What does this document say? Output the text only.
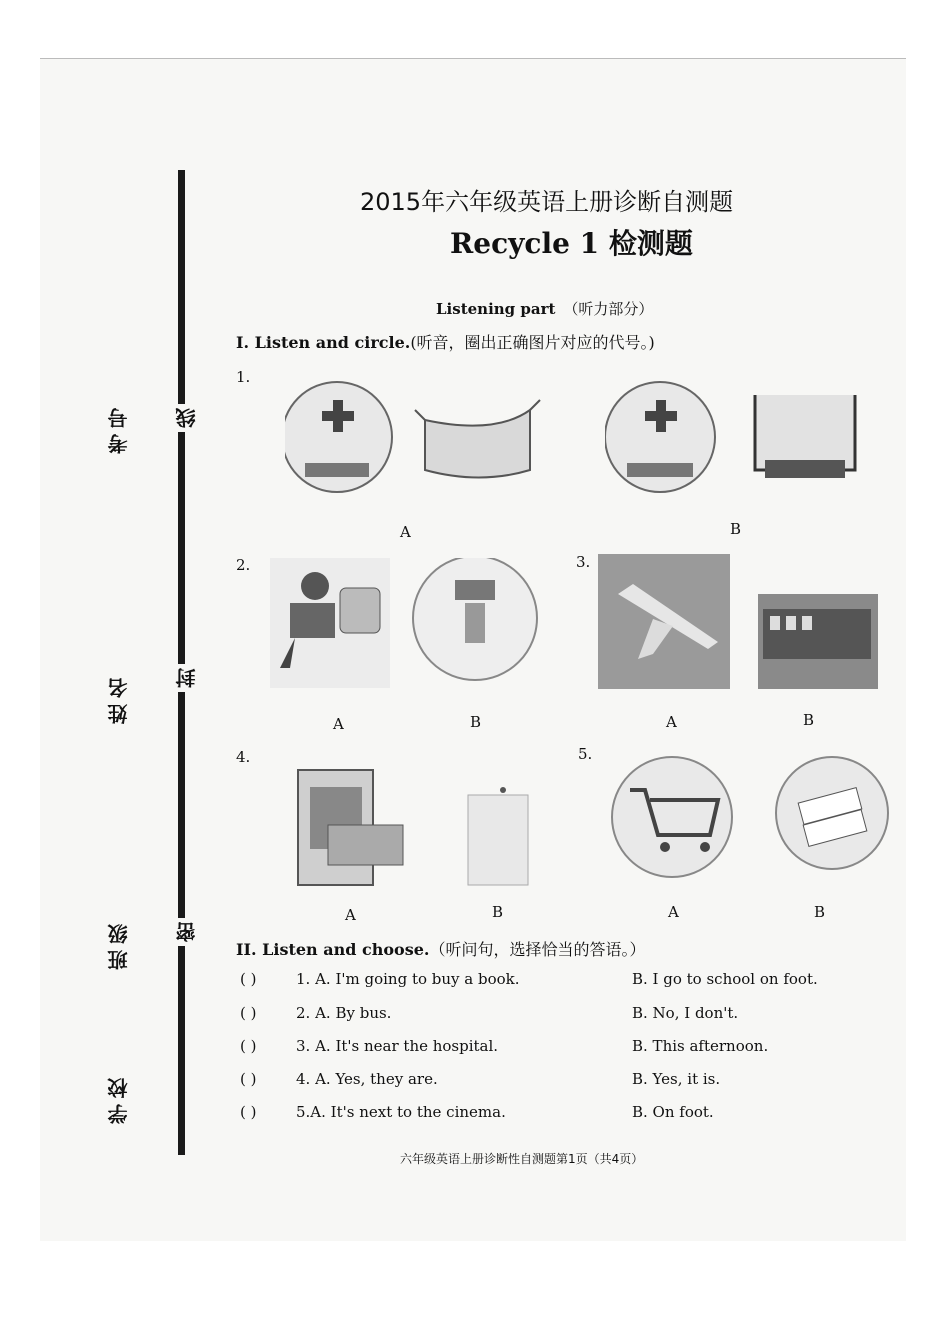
考号
姓名
班级
学校
线
封
密
2015年六年级英语上册诊断自测题
Recycle 1 检测题
Listening part （听力部分）
I. Listen and circle.(听音，圈出正确图片对应的代号。)
1.
A	B
2.
A	B
3.
A	B
4.
A	B
5.
A	B
II. Listen and choose.（听问句，选择恰当的答语。）
( )	1. A. I'm going to buy a book.	B. I go to school on foot.
( )	2. A. By bus.	B. No, I don't.
( )	3. A. It's near the hospital.	B. This afternoon.
( )	4. A. Yes, they are.	B. Yes, it is.
( )	5.A. It's next to the cinema.	B. On foot.
六年级英语上册诊断性自测题第1页（共4页）
